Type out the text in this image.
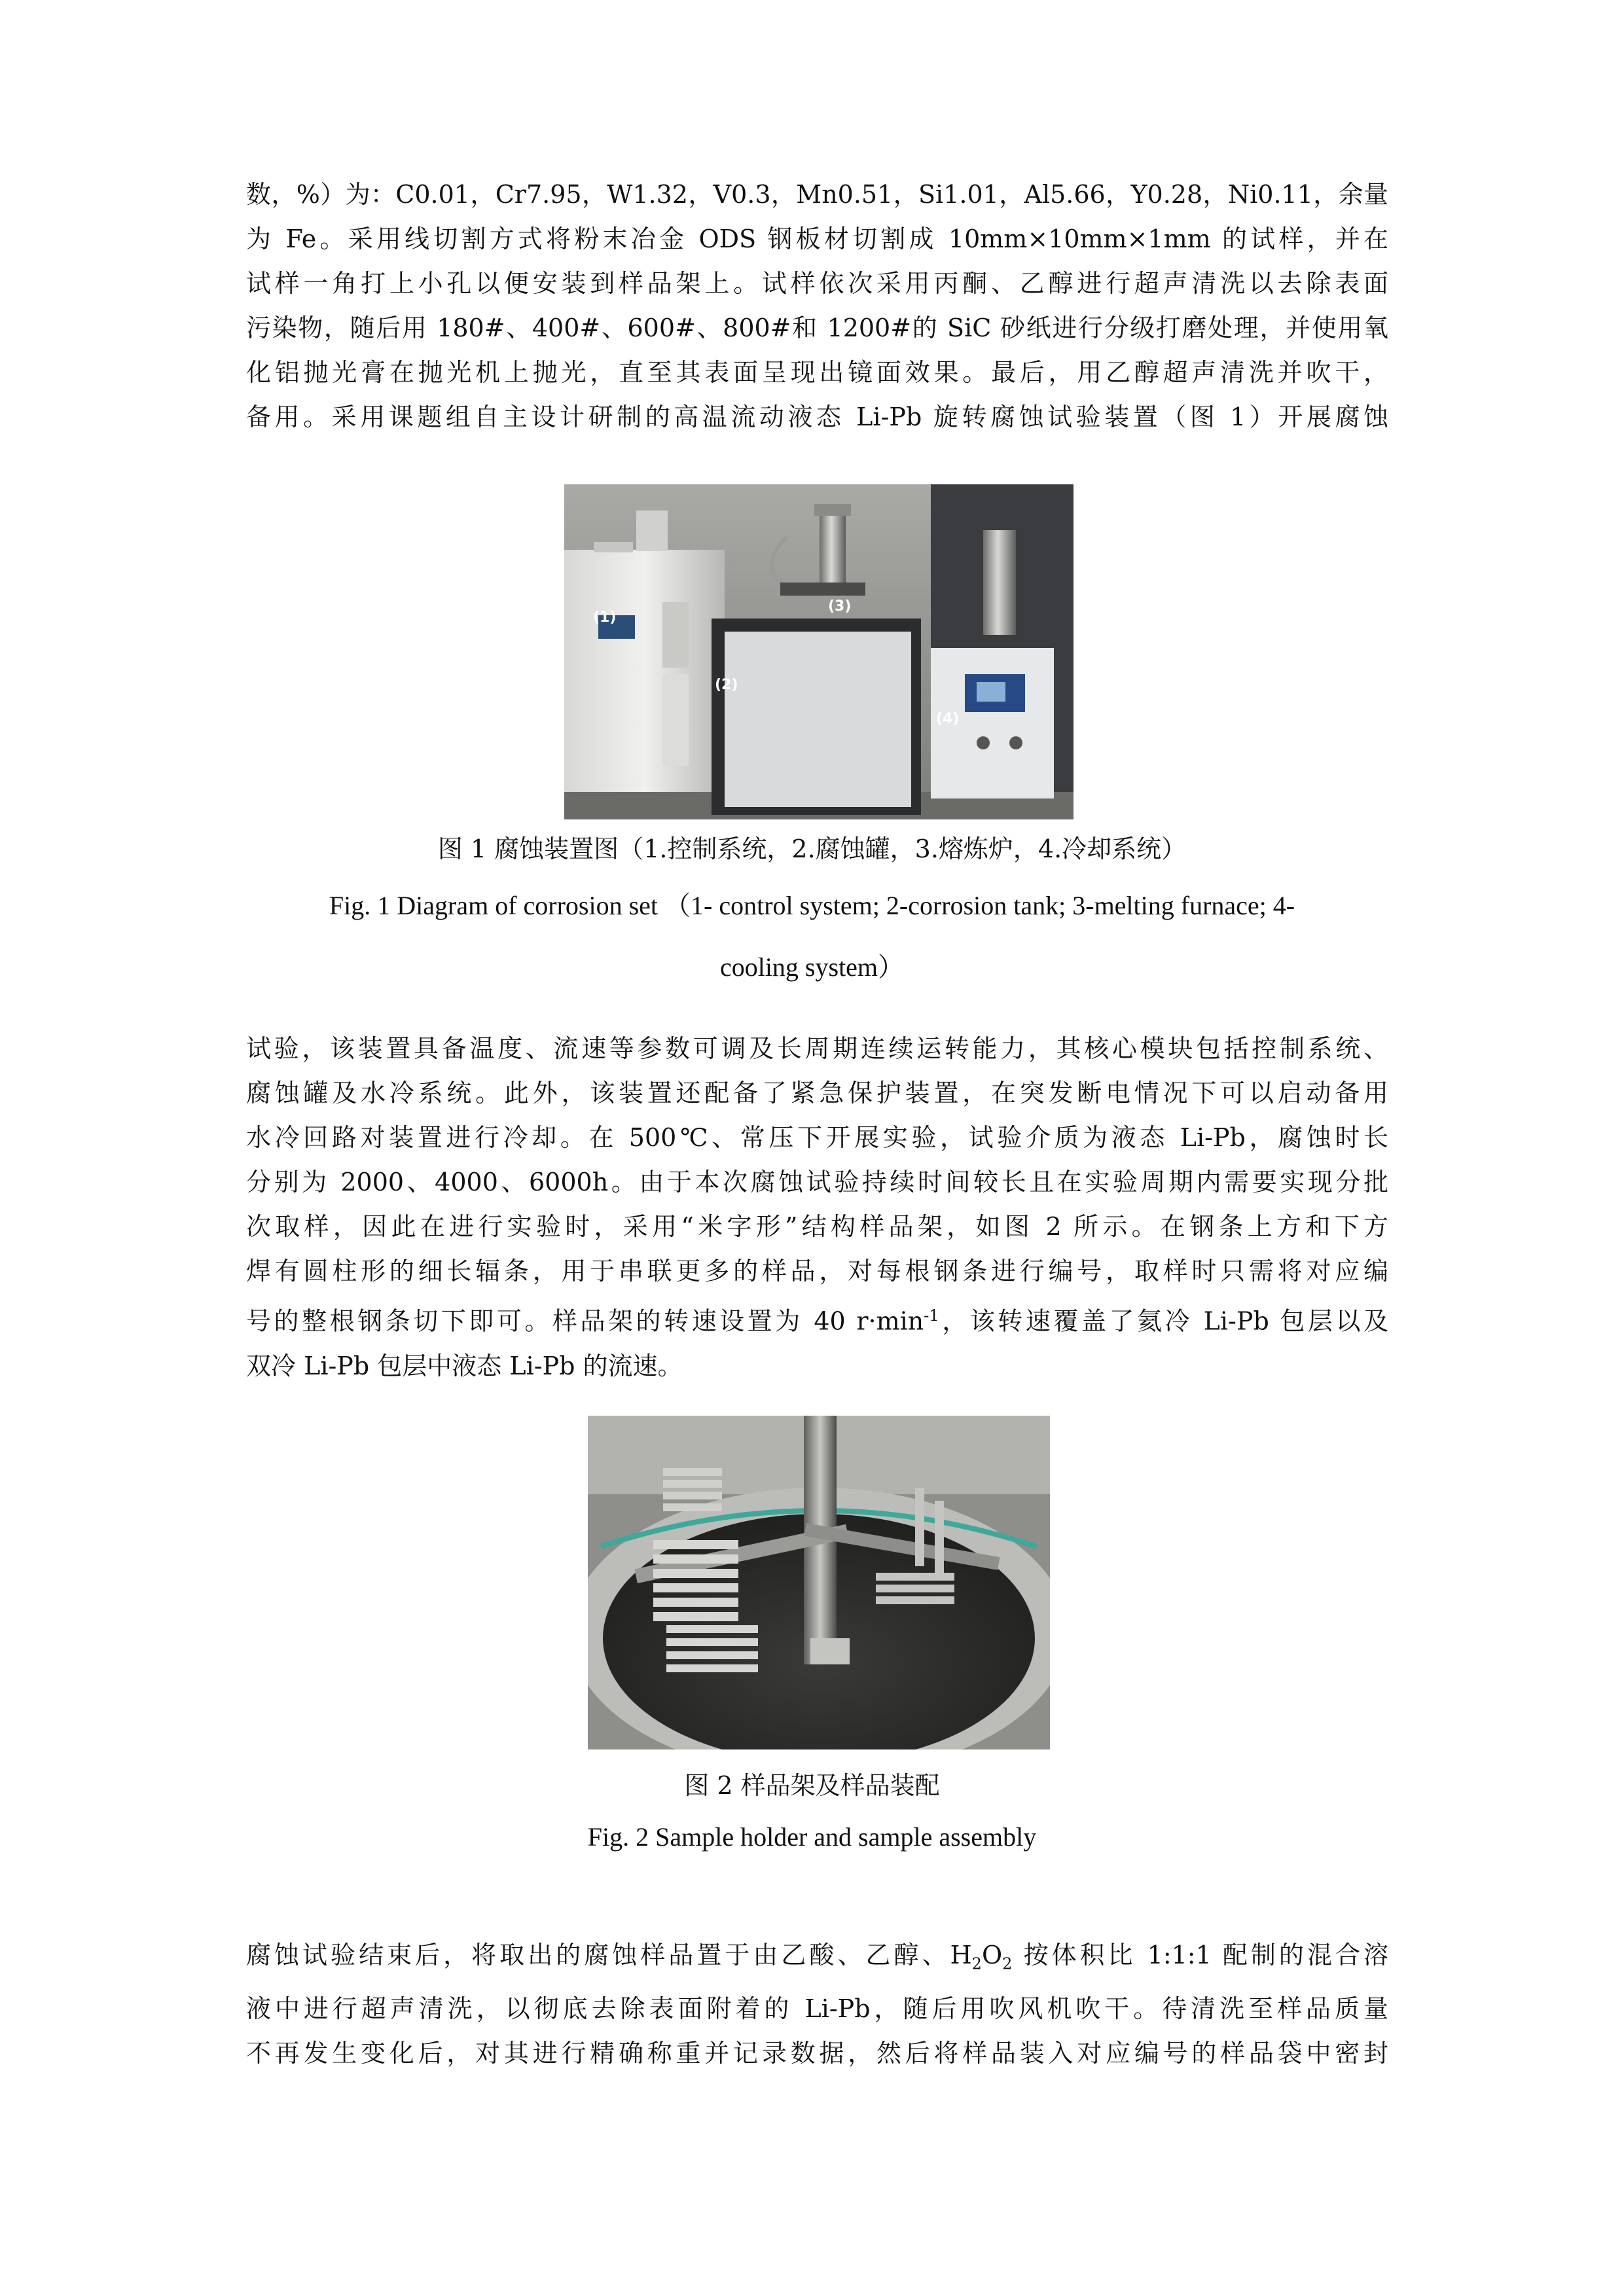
数，%）为：C0.01，Cr7.95，W1.32，V0.3，Mn0.51，Si1.01，Al5.66，Y0.28，Ni0.11，余量
为 Fe。采用线切割方式将粉末冶金 ODS 钢板材切割成 10mm×10mm×1mm 的试样，并在
试样一角打上小孔以便安装到样品架上。试样依次采用丙酮、乙醇进行超声清洗以去除表面
污染物，随后用 180#、400#、600#、800#和 1200#的 SiC 砂纸进行分级打磨处理，并使用氧
化铝抛光膏在抛光机上抛光，直至其表面呈现出镜面效果。最后，用乙醇超声清洗并吹干，
备用。采用课题组自主设计研制的高温流动液态 Li-Pb 旋转腐蚀试验装置（图 1）开展腐蚀
(1)
(2)
(3)
(4)

图 1 腐蚀装置图（1.控制系统，2.腐蚀罐，3.熔炼炉，4.冷却系统）

Fig. 1 Diagram of corrosion set （1- control system; 2-corrosion tank; 3-melting furnace; 4-

cooling system）

试验，该装置具备温度、流速等参数可调及长周期连续运转能力，其核心模块包括控制系统、
腐蚀罐及水冷系统。此外，该装置还配备了紧急保护装置，在突发断电情况下可以启动备用
水冷回路对装置进行冷却。在 500℃、常压下开展实验，试验介质为液态 Li-Pb，腐蚀时长
分别为 2000、4000、6000h。由于本次腐蚀试验持续时间较长且在实验周期内需要实现分批
次取样，因此在进行实验时，采用“米字形”结构样品架，如图 2 所示。在钢条上方和下方
焊有圆柱形的细长辐条，用于串联更多的样品，对每根钢条进行编号，取样时只需将对应编
号的整根钢条切下即可。样品架的转速设置为 40 $r\cdot\min^{-1}$，该转速覆盖了氦冷 Li-Pb 包层以及
双冷 Li-Pb 包层中液态 Li-Pb 的流速。

图 2 样品架及样品装配

Fig. 2 Sample holder and sample assembly

腐蚀试验结束后，将取出的腐蚀样品置于由乙酸、乙醇、$H_2O_2$ 按体积比 1:1:1 配制的混合溶
液中进行超声清洗，以彻底去除表面附着的 Li-Pb，随后用吹风机吹干。待清洗至样品质量
不再发生变化后，对其进行精确称重并记录数据，然后将样品装入对应编号的样品袋中密封
